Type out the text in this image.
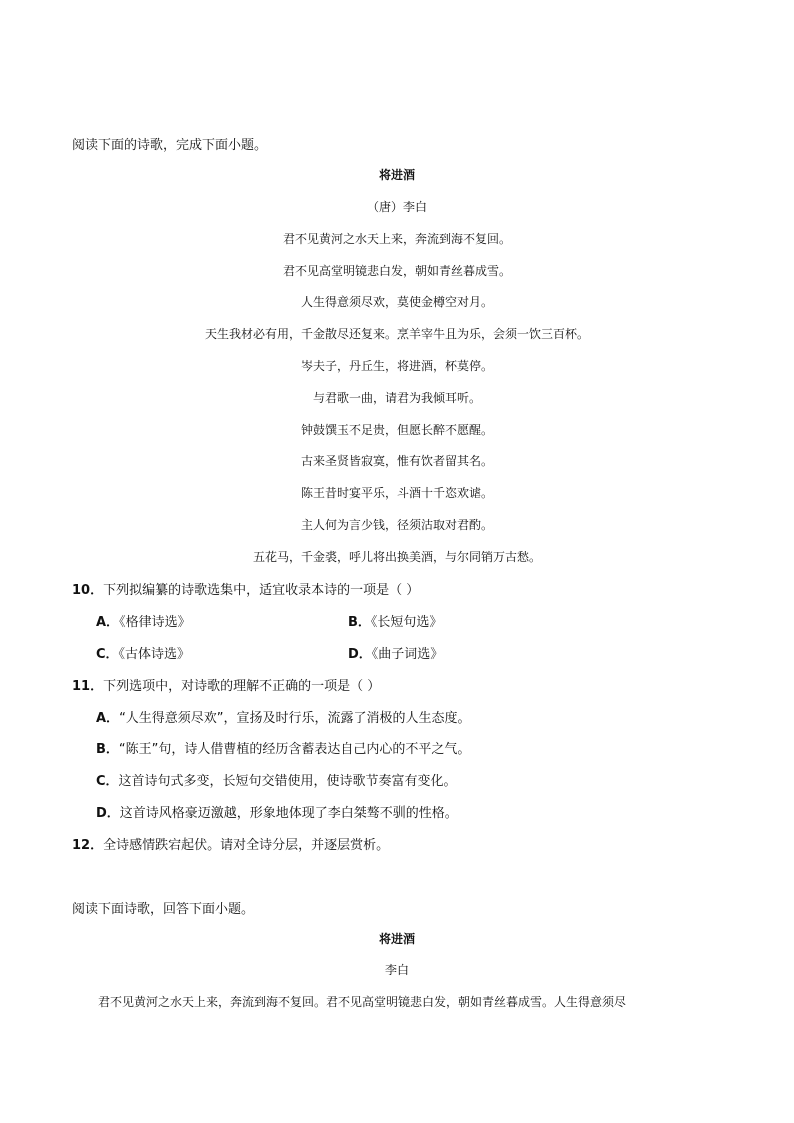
阅读下面的诗歌，完成下面小题。
将进酒
（唐）李白
君不见黄河之水天上来，奔流到海不复回。
君不见高堂明镜悲白发，朝如青丝暮成雪。
人生得意须尽欢，莫使金樽空对月。
天生我材必有用，千金散尽还复来。烹羊宰牛且为乐，会须一饮三百杯。
岑夫子，丹丘生，将进酒，杯莫停。
与君歌一曲，请君为我倾耳听。
钟鼓馔玉不足贵，但愿长醉不愿醒。
古来圣贤皆寂寞，惟有饮者留其名。
陈王昔时宴平乐，斗酒十千恣欢谑。
主人何为言少钱，径须沽取对君酌。
五花马，千金裘，呼儿将出换美酒，与尔同销万古愁。
10．下列拟编纂的诗歌选集中，适宜收录本诗的一项是（ ）
A．《格律诗选》	B．《长短句选》
C．《古体诗选》	D．《曲子词选》
11．下列选项中，对诗歌的理解不正确的一项是（ ）
A．“人生得意须尽欢”，宣扬及时行乐，流露了消极的人生态度。
B．“陈王”句，诗人借曹植的经历含蓄表达自己内心的不平之气。
C．这首诗句式多变，长短句交错使用，使诗歌节奏富有变化。
D．这首诗风格豪迈激越，形象地体现了李白桀骜不驯的性格。
12．全诗感情跌宕起伏。请对全诗分层，并逐层赏析。
阅读下面诗歌，回答下面小题。
将进酒
李白
君不见黄河之水天上来，奔流到海不复回。君不见高堂明镜悲白发，朝如青丝暮成雪。人生得意须尽
